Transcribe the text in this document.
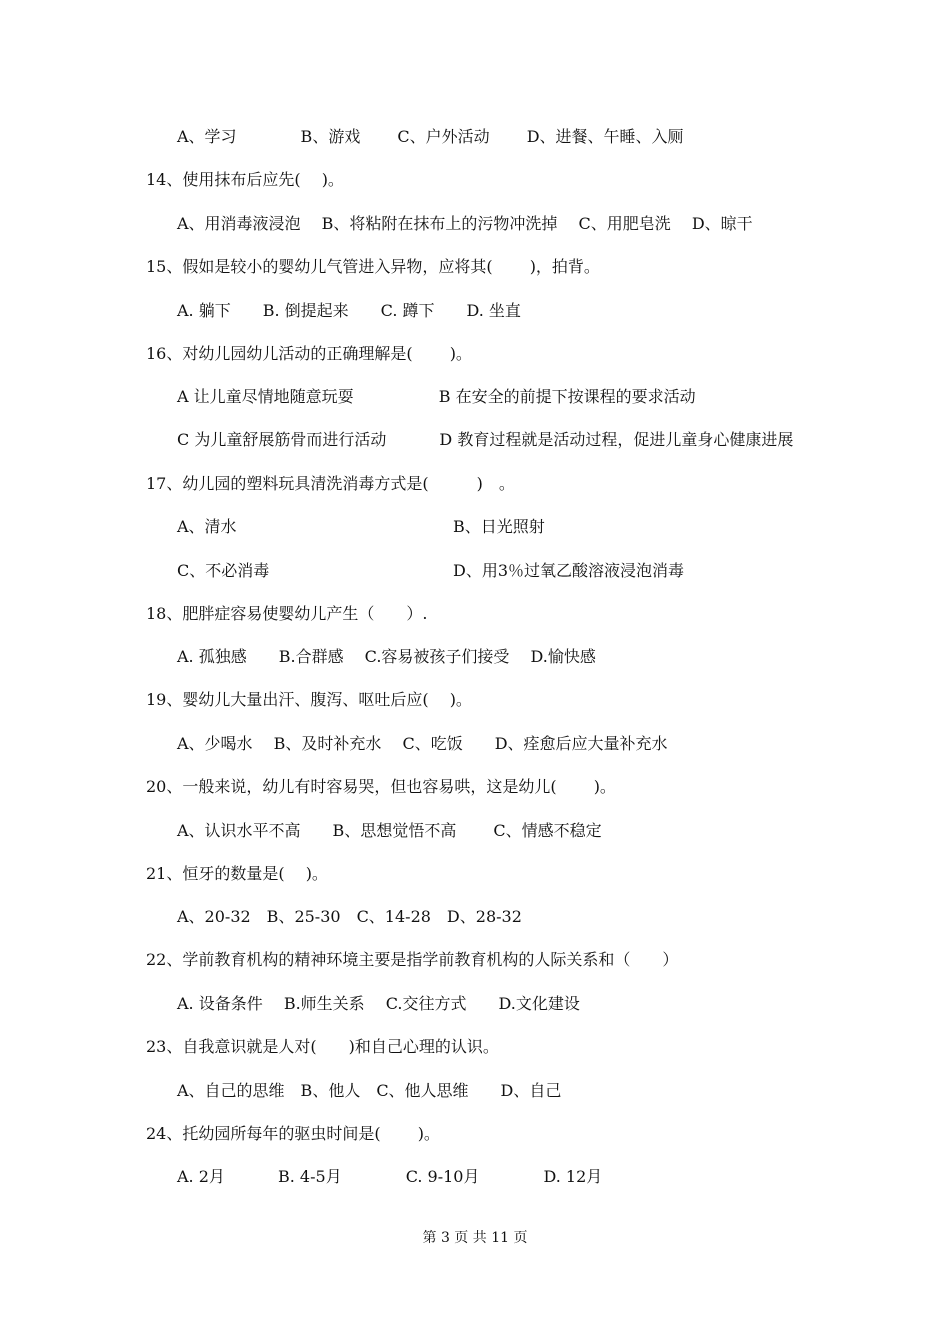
A、学习　　　　B、游戏　　 C、户外活动　　 D、进餐、午睡、入厕
14、使用抹布后应先(　 )。
A、用消毒液浸泡　 B、将粘附在抹布上的污物冲洗掉　 C、用肥皂洗　 D、晾干
15、假如是较小的婴幼儿气管进入异物，应将其(　　 )，拍背。
A. 躺下　　B. 倒提起来　　C. 蹲下　　D. 坐直
16、对幼儿园幼儿活动的正确理解是(　　 )。
A 让儿童尽情地随意玩耍　　　　　 B 在安全的前提下按课程的要求活动
C 为儿童舒展筋骨而进行活动　　　 D 教育过程就是活动过程，促进儿童身心健康进展
17、幼儿园的塑料玩具清洗消毒方式是(　　　)　。
A、清水	B、日光照射
C、不必消毒	D、用3％过氧乙酸溶液浸泡消毒
18、肥胖症容易使婴幼儿产生（　　）.
A. 孤独感　　B.合群感　 C.容易被孩子们接受　 D.愉快感
19、婴幼儿大量出汗、腹泻、呕吐后应(　 )。
A、少喝水　 B、及时补充水　 C、吃饭　　D、痊愈后应大量补充水
20、一般来说，幼儿有时容易哭，但也容易哄，这是幼儿(　　 )。
A、认识水平不高　　B、思想觉悟不高　　 C、情感不稳定
21、恒牙的数量是(　 )。
A、20-32　B、25-30　C、14-28　D、28-32
22、学前教育机构的精神环境主要是指学前教育机构的人际关系和（　　）
A. 设备条件　 B.师生关系　 C.交往方式　　D.文化建设
23、自我意识就是人对(　　)和自己心理的认识。
A、自己的思维　B、他人　C、他人思维　　D、自己
24、托幼园所每年的驱虫时间是(　　 )。
A. 2月　　　 B. 4-5月　　　　C. 9-10月　　　　D. 12月
第 3 页 共 11 页
